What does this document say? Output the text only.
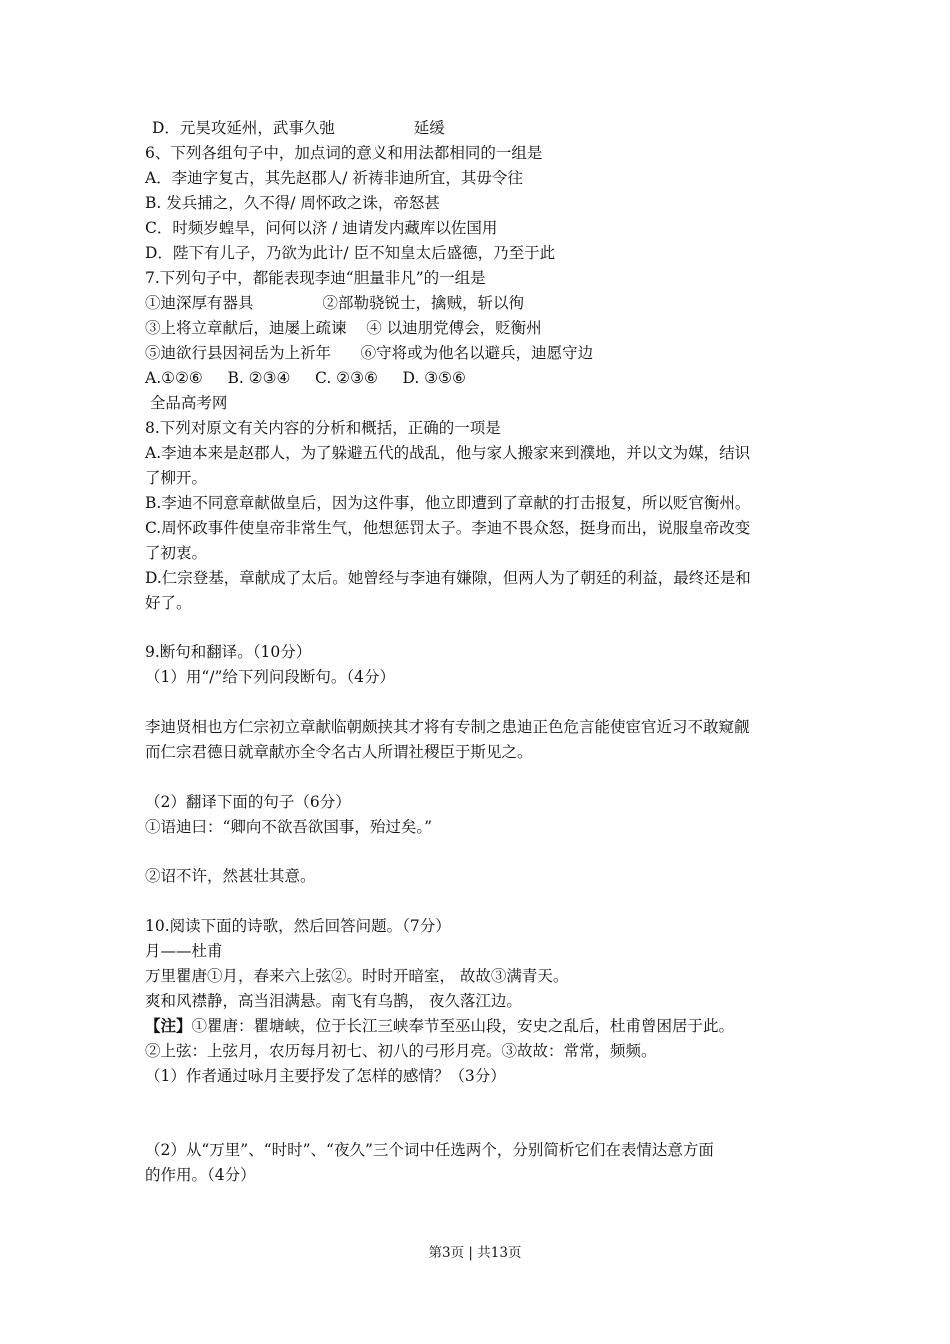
D．元昊攻延州，武事久弛                延缓
6、下列各组句子中，加点词的意义和用法都相同的一组是
A．李迪字复古，其先赵郡人/ 祈祷非迪所宜，其毋令往
B. 发兵捕之，久不得/ 周怀政之诛，帝怒甚
C．时频岁蝗旱，问何以济 / 迪请发内藏库以佐国用
D．陛下有儿子，乃欲为此计/ 臣不知皇太后盛德，乃至于此
7.下列句子中，都能表现李迪“胆量非凡”的一组是
①迪深厚有器具              ②部勒骁锐士，擒贼，斩以徇
③上将立章献后，迪屡上疏谏    ④ 以迪朋党傅会，贬衡州
⑤迪欲行县因祠岳为上祈年      ⑥守将或为他名以避兵，迪愿守边
A.①②⑥     B. ②③④     C. ②③⑥     D. ③⑤⑥
全品高考网
8.下列对原文有关内容的分析和概括，正确的一项是
A.李迪本来是赵郡人，为了躲避五代的战乱，他与家人搬家来到濮地，并以文为媒，结识
了柳开。
B.李迪不同意章献做皇后，因为这件事，他立即遭到了章献的打击报复，所以贬官衡州。
C.周怀政事件使皇帝非常生气，他想惩罚太子。李迪不畏众怒，挺身而出，说服皇帝改变
了初衷。
D.仁宗登基，章献成了太后。她曾经与李迪有嫌隙，但两人为了朝廷的利益，最终还是和
好了。
9.断句和翻译。（10分）
（1）用“/”给下列问段断句。（4分）
李迪贤相也方仁宗初立章献临朝颇挟其才将有专制之患迪正色危言能使宦官近习不敢窥觎
而仁宗君德日就章献亦全令名古人所谓社稷臣于斯见之。
（2）翻译下面的句子（6分）
①语迪曰：“卿向不欲吾欲国事，殆过矣。”
②诏不许，然甚壮其意。
10.阅读下面的诗歌，然后回答问题。（7分）
月——杜甫
万里瞿唐①月，春来六上弦②。时时开暗室， 故故③满青天。
爽和风襟静，高当泪满悬。南飞有乌鹊， 夜久落江边。
【注】①瞿唐：瞿塘峡，位于长江三峡奉节至巫山段，安史之乱后，杜甫曾困居于此。
②上弦：上弦月，农历每月初七、初八的弓形月亮。③故故：常常，频频。
（1）作者通过咏月主要抒发了怎样的感情？（3分）
（2）从“万里”、“时时”、“夜久”三个词中任选两个，分别简析它们在表情达意方面
的作用。（4分）
第3页 | 共13页
